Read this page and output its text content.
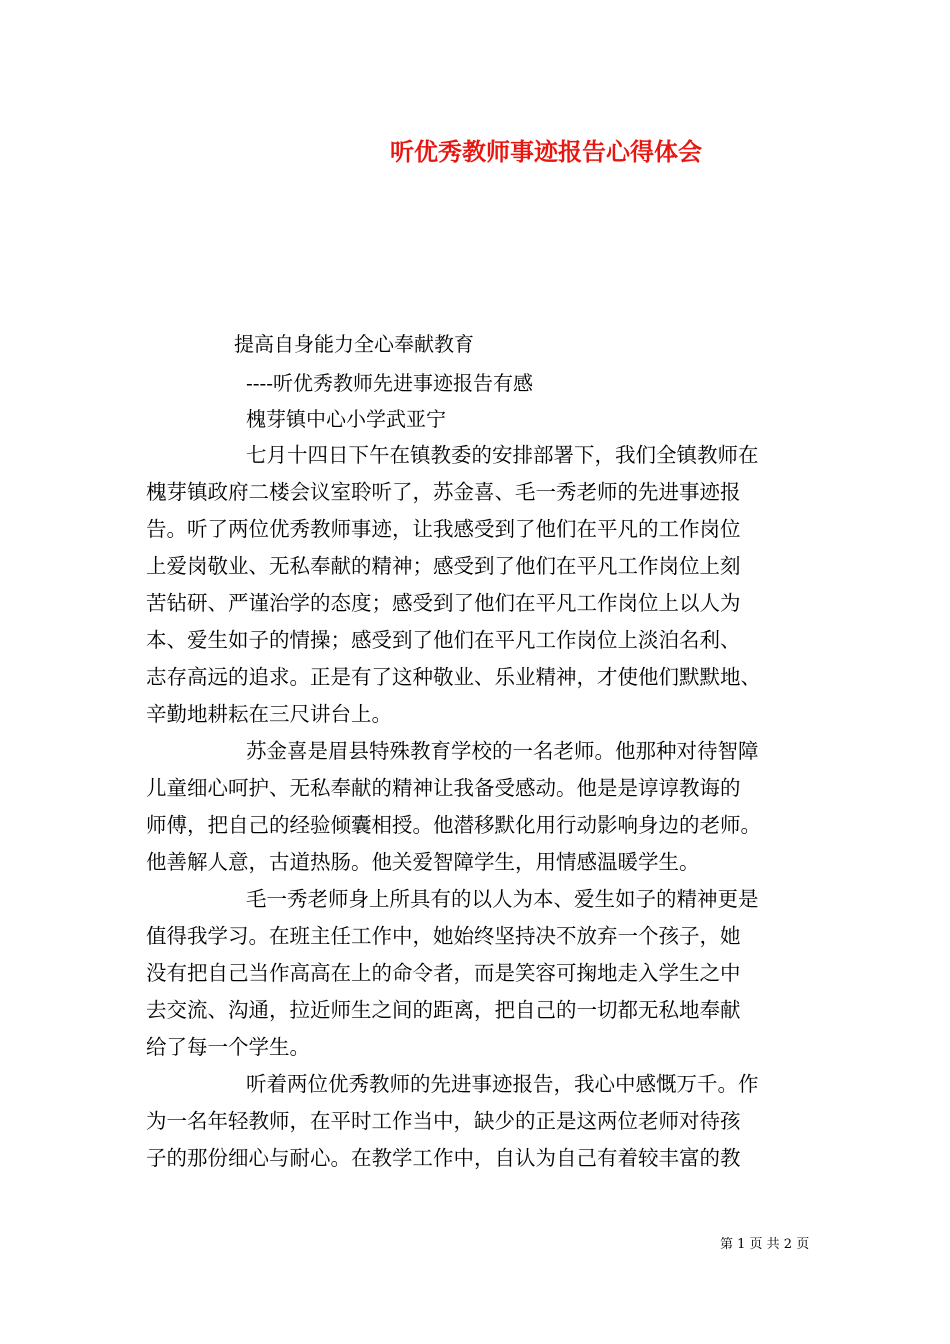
听优秀教师事迹报告心得体会
提高自身能力全心奉献教育
----听优秀教师先进事迹报告有感
槐芽镇中心小学武亚宁
七月十四日下午在镇教委的安排部署下，我们全镇教师在
槐芽镇政府二楼会议室聆听了，苏金喜、毛一秀老师的先进事迹报
告。听了两位优秀教师事迹，让我感受到了他们在平凡的工作岗位
上爱岗敬业、无私奉献的精神；感受到了他们在平凡工作岗位上刻
苦钻研、严谨治学的态度；感受到了他们在平凡工作岗位上以人为
本、爱生如子的情操；感受到了他们在平凡工作岗位上淡泊名利、
志存高远的追求。正是有了这种敬业、乐业精神，才使他们默默地、
辛勤地耕耘在三尺讲台上。
苏金喜是眉县特殊教育学校的一名老师。他那种对待智障
儿童细心呵护、无私奉献的精神让我备受感动。他是是谆谆教诲的
师傅，把自己的经验倾囊相授。他潜移默化用行动影响身边的老师。
他善解人意，古道热肠。他关爱智障学生，用情感温暖学生。
毛一秀老师身上所具有的以人为本、爱生如子的精神更是
值得我学习。在班主任工作中，她始终坚持决不放弃一个孩子，她
没有把自己当作高高在上的命令者，而是笑容可掬地走入学生之中
去交流、沟通，拉近师生之间的距离，把自己的一切都无私地奉献
给了每一个学生。
听着两位优秀教师的先进事迹报告，我心中感慨万千。作
为一名年轻教师，在平时工作当中，缺少的正是这两位老师对待孩
子的那份细心与耐心。在教学工作中，自认为自己有着较丰富的教
第 1 页 共 2 页
